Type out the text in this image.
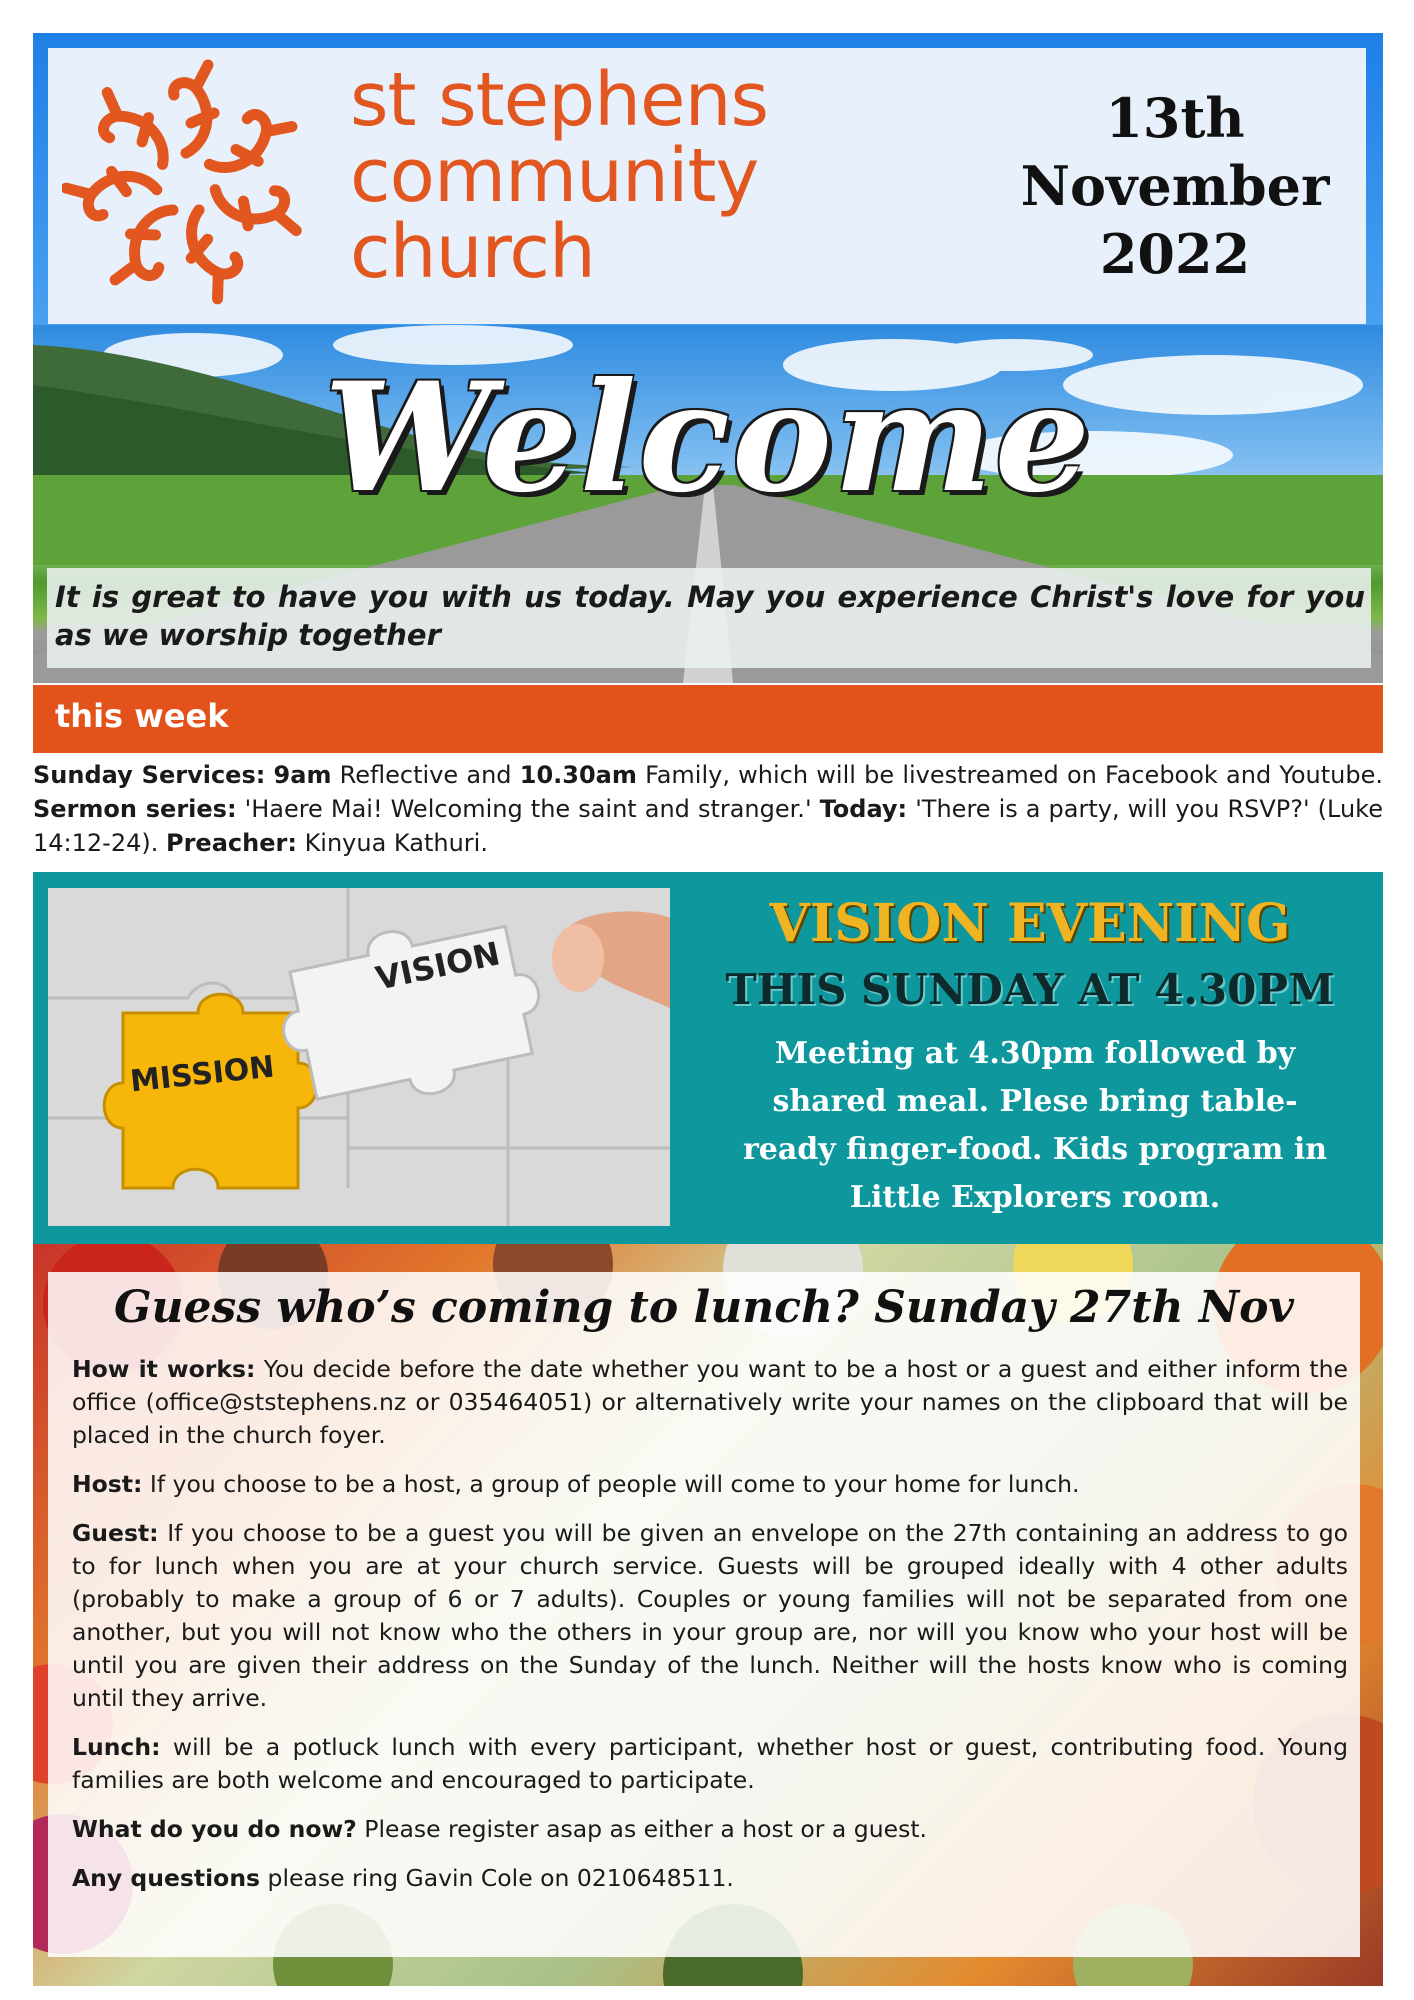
st stephens
community
church
13th
November
2022
Welcome
It is great to have you with us today. May you experience Christ's love for you as we worship together
this week
Sunday Services: 9am Reflective and 10.30am Family, which will be livestreamed on Facebook and Youtube. Sermon series: 'Haere Mai! Welcoming the saint and stranger.' Today: 'There is a party, will you RSVP?' (Luke 14:12-24). Preacher: Kinyua Kathuri.
VISION
MISSION
VISION EVENING
THIS SUNDAY AT 4.30PM
Meeting at 4.30pm followed by shared meal. Plese bring table-ready finger-food. Kids program in Little Explorers room.
Guess who’s coming to lunch? Sunday 27th Nov

How it works: You decide before the date whether you want to be a host or a guest and either inform the office (office@ststephens.nz or 035464051) or alternatively write your names on the clipboard that will be placed in the church foyer.

Host: If you choose to be a host, a group of people will come to your home for lunch.

Guest: If you choose to be a guest you will be given an envelope on the 27th containing an address to go to for lunch when you are at your church service. Guests will be grouped ideally with 4 other adults (probably to make a group of 6 or 7 adults). Couples or young families will not be separated from one another, but you will not know who the others in your group are, nor will you know who your host will be until you are given their address on the Sunday of the lunch. Neither will the hosts know who is coming until they arrive.

Lunch: will be a potluck lunch with every participant, whether host or guest, contributing food. Young families are both welcome and encouraged to participate.

What do you do now? Please register asap as either a host or a guest.

Any questions please ring Gavin Cole on 0210648511.
